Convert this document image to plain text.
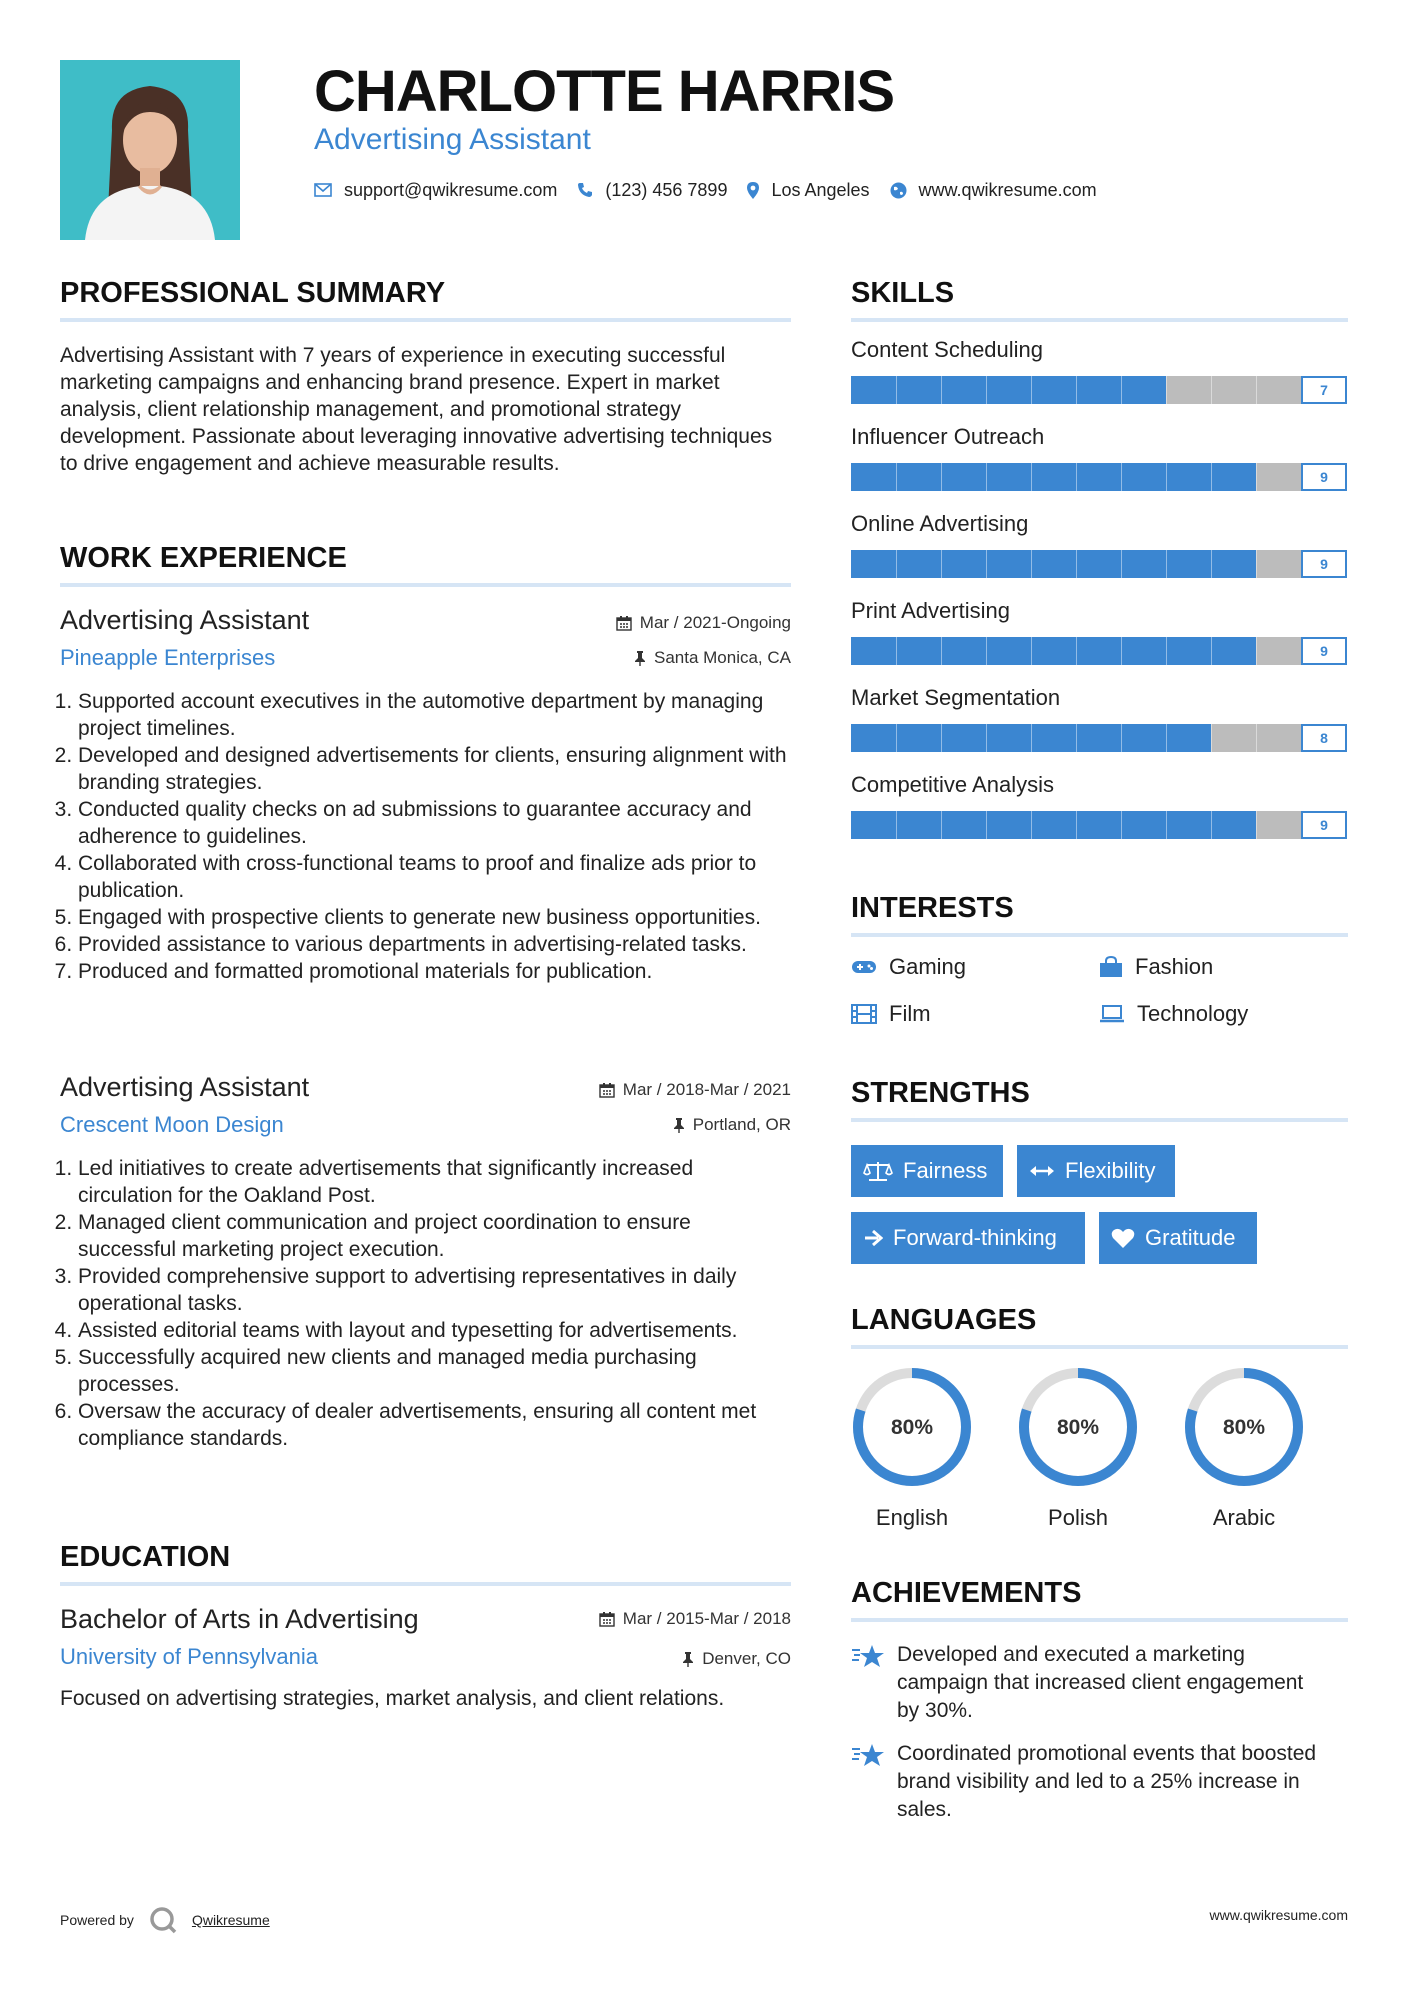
CHARLOTTE HARRIS
Advertising Assistant
support@qwikresume.com	(123) 456 7899 Los Angeles	www.qwikresume.com
PROFESSIONAL SUMMARY
Advertising Assistant with 7 years of experience in executing successful marketing campaigns and enhancing brand presence. Expert in market analysis, client relationship management, and promotional strategy development. Passionate about leveraging innovative advertising techniques to drive engagement and achieve measurable results.
WORK EXPERIENCE
Advertising Assistant
Pineapple Enterprises
Mar / 2021-Ongoing
Santa Monica, CA
1. Supported account executives in the automotive department by managing project timelines.
2. Developed and designed advertisements for clients, ensuring alignment with branding strategies.
3. Conducted quality checks on ad submissions to guarantee accuracy and adherence to guidelines.
4. Collaborated with cross-functional teams to proof and finalize ads prior to publication.
5. Engaged with prospective clients to generate new business opportunities.
6. Provided assistance to various departments in advertising-related tasks.
7. Produced and formatted promotional materials for publication.
Advertising Assistant
Crescent Moon Design
Mar / 2018-Mar / 2021
Portland, OR
1. Led initiatives to create advertisements that significantly increased circulation for the Oakland Post.
2. Managed client communication and project coordination to ensure successful marketing project execution.
3. Provided comprehensive support to advertising representatives in daily operational tasks.
4. Assisted editorial teams with layout and typesetting for advertisements.
5. Successfully acquired new clients and managed media purchasing processes.
6. Oversaw the accuracy of dealer advertisements, ensuring all content met compliance standards.
EDUCATION
Bachelor of Arts in Advertising
University of Pennsylvania
Mar / 2015-Mar / 2018
Denver, CO
Focused on advertising strategies, market analysis, and client relations.
SKILLS
Content Scheduling
7
Influencer Outreach
9
Online Advertising
9
Print Advertising
9
Market Segmentation
8
Competitive Analysis
9
INTERESTS
Gaming	Fashion
Film	Technology
STRENGTHS
Fairness	Flexibility
Forward-thinking	Gratitude
LANGUAGES
80%
English
80%
Polish
80%
Arabic
ACHIEVEMENTS
Developed and executed a marketing campaign that increased client engagement by 30%.
Coordinated promotional events that boosted brand visibility and led to a 25% increase in sales.
Powered by	Qwikresume	www.qwikresume.com
